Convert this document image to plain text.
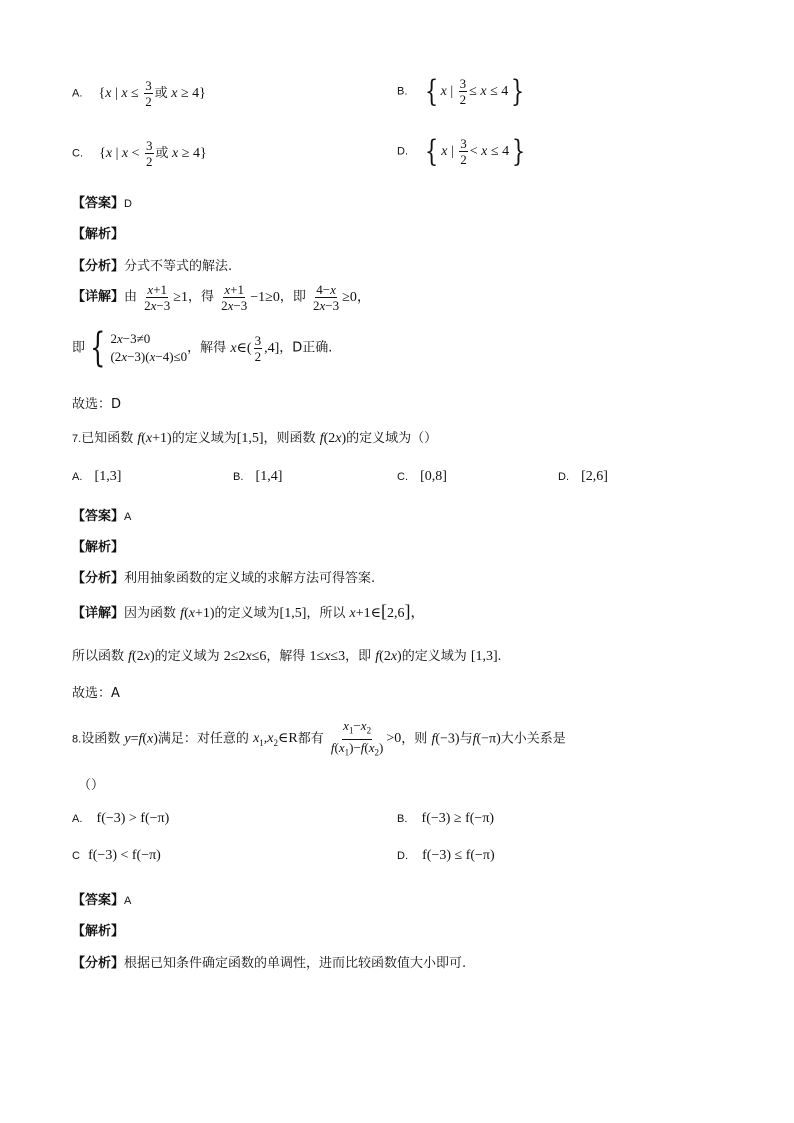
A. {x | $x \le \frac{3}{2}$ 或 x ≥ 4}	B. { x | $\frac{3}{2} \le x \le 4$}
C. {x | $x < \frac{3}{2}$ 或 x ≥ 4}	D. { x | $\frac{3}{2} < x \le 4$}
【答案】D
【解析】
【分析】分式不等式的解法.
【详解】由 $\frac{x+1}{2x-3} \ge 1$，得 $\frac{x+1}{2x-3} -1\ge 0$，即 $\frac{4-x}{2x-3} \ge 0$，
即 { 2x−3≠0
(2x−3)(x−4)≤0
，解得 x∈( $\frac{3}{2} ,4$]，D正确.
故选：D
7.已知函数 f(x+1)的定义域为[1,5]，则函数 f(2x)的定义域为（）
A. [1,3]	B. [1,4]	C. [0,8]	D. [2,6]
【答案】A
【解析】
【分析】利用抽象函数的定义域的求解方法可得答案.
【详解】因为函数 f(x+1)的定义域为[1,5]，所以 x+1∈[2,6]，
所以函数 f(2x)的定义域为 2≤2x≤6，解得 1≤x≤3，即 f(2x)的定义域为 [1,3].
故选：A
8.设函数 y=f(x)满足：对任意的 $x_1,x_2\in R$都有 $\frac{x_1-x_2}{f(x_1)-f(x_2)} >0$，则 f(−3)与f(−π)大小关系是
（）
A. f(−3) > f(−π)	B. f(−3) ≥ f(−π)
C f(−3) < f(−π)	D. f(−3) ≤ f(−π)
【答案】A
【解析】
【分析】根据已知条件确定函数的单调性，进而比较函数值大小即可.
